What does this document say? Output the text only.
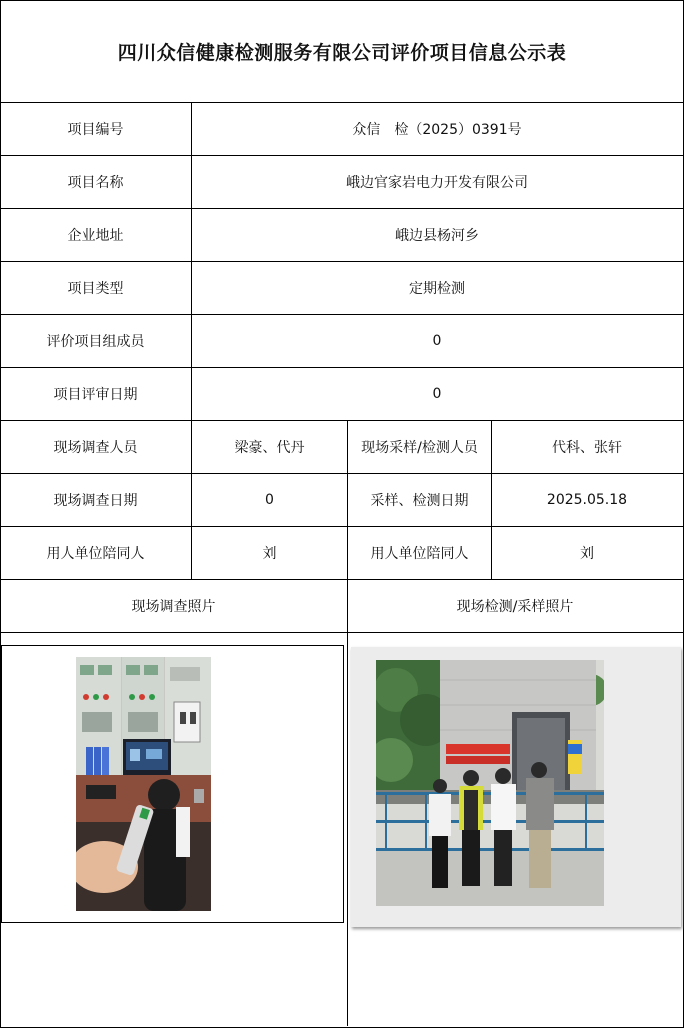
四川众信健康检测服务有限公司评价项目信息公示表
项目编号	众信　检（2025）0391号
项目名称	峨边官家岩电力开发有限公司
企业地址	峨边县杨河乡
项目类型	定期检测
评价项目组成员	0
项目评审日期	0
现场调查人员	梁豪、代丹	现场采样/检测人员	代科、张轩
现场调查日期	0	采样、检测日期	2025.05.18
用人单位陪同人	刘	用人单位陪同人	刘
现场调查照片	现场检测/采样照片
